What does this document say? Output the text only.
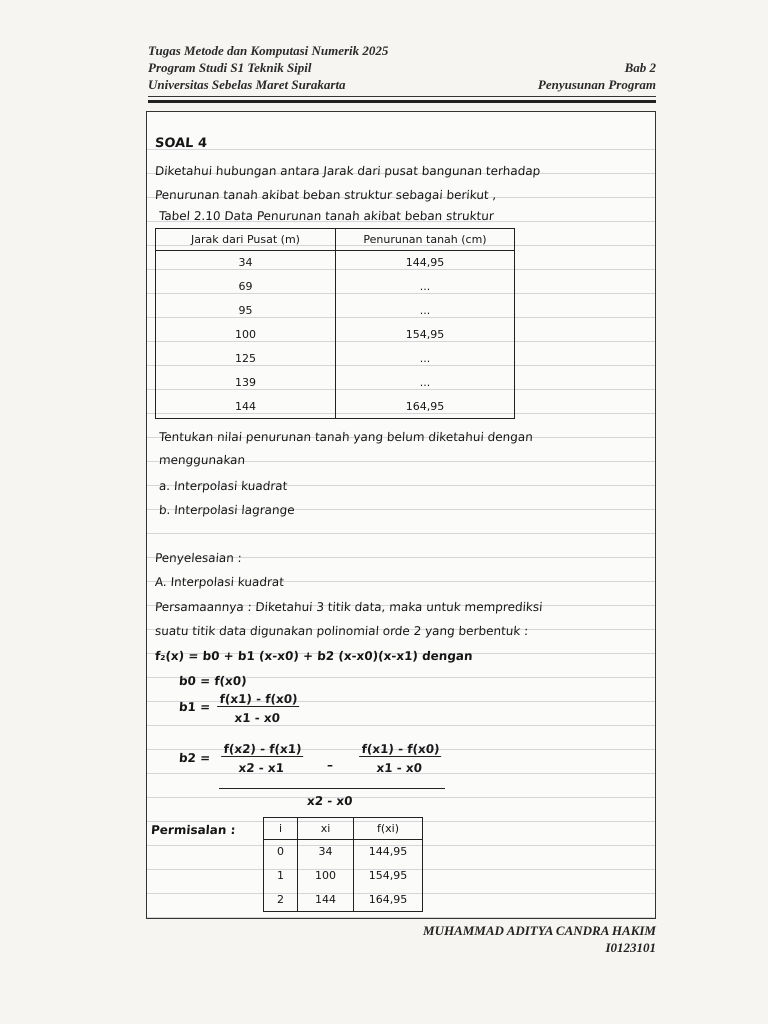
Tugas Metode dan Komputasi Numerik 2025
Program Studi S1 Teknik Sipil	Bab 2
Universitas Sebelas Maret Surakarta	Penyusunan Program
SOAL 4
Diketahui hubungan antara Jarak dari pusat bangunan terhadap
Penurunan tanah akibat beban struktur sebagai berikut ,
Tabel 2.10 Data Penurunan tanah akibat beban struktur
Jarak dari Pusat (m)	Penurunan tanah (cm)
34	144,95
69	...
95	...
100	154,95
125	...
139	...
144	164,95
Tentukan nilai penurunan tanah yang belum diketahui dengan
menggunakan
a. Interpolasi kuadrat
b. Interpolasi lagrange
Penyelesaian :
A. Interpolasi kuadrat
Persamaannya : Diketahui 3 titik data, maka untuk memprediksi
suatu titik data digunakan polinomial orde 2 yang berbentuk :
f₂(x) = b0 + b1 (x-x0) + b2 (x-x0)(x-x1) dengan
b0 = f(x0)
$b1 = \frac{f(x1) - f(x0)}{x1 - x0}$
$b2 = \frac{f(x2) - f(x1)}{x2 - x1} - \frac{f(x1) - f(x0)}{x1 - x0}$
x2 - x0
Permisalan :	i	xi	f(xi)
0	34	144,95
1	100	154,95
2	144	164,95
MUHAMMAD ADITYA CANDRA HAKIM
I0123101
